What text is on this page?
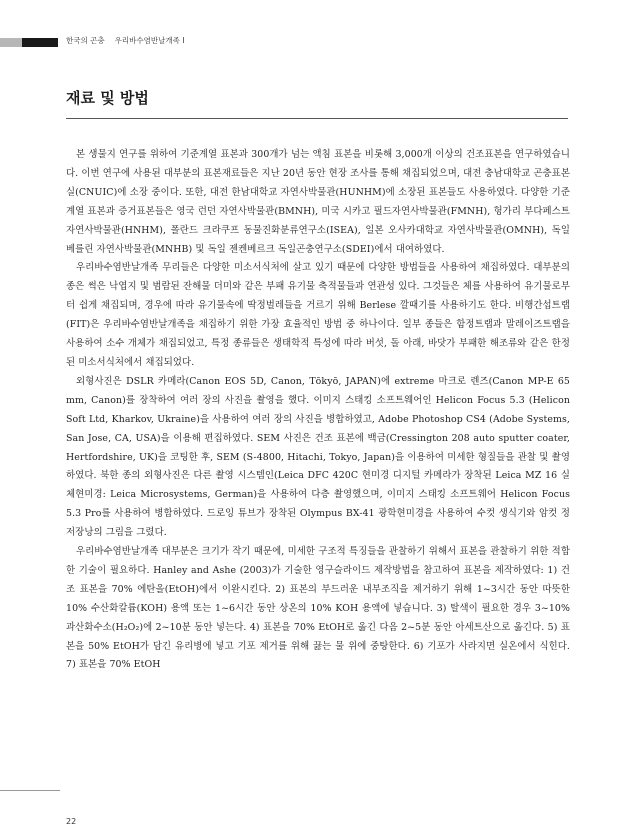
한국의 곤충 우리바수염반날개족 I
재료 및 방법

본 생물지 연구를 위하여 기준계열 표본과 300개가 넘는 액침 표본을 비롯해 3,000개 이상의 건조표본을 연구하였습니다. 이번 연구에 사용된 대부분의 표본재료들은 지난 20년 동안 현장 조사를 통해 채집되었으며, 대전 충남대학교 곤충표본실(CNUIC)에 소장 중이다. 또한, 대전 한남대학교 자연사박물관(HUNHM)에 소장된 표본들도 사용하였다. 다양한 기준계열 표본과 증거표본들은 영국 런던 자연사박물관(BMNH), 미국 시카고 필드자연사박물관(FMNH), 헝가리 부다페스트 자연사박물관(HNHM), 폴란드 크라쿠프 동물진화분류연구소(ISEA), 일본 오사카대학교 자연사박물관(OMNH), 독일 베를린 자연사박물관(MNHB) 및 독일 젠켄베르크 독일곤충연구소(SDEI)에서 대여하였다.

우리바수염반날개족 무리들은 다양한 미소서식처에 살고 있기 때문에 다양한 방법들을 사용하여 채집하였다. 대부분의 종은 썩은 낙엽지 및 범람된 잔해물 더미와 같은 부패 유기물 축적물들과 연관성 있다. 그것들은 체를 사용하여 유기물로부터 쉽게 채집되며, 경우에 따라 유기물속에 딱정벌레들을 거르기 위해 Berlese 깔때기를 사용하기도 한다. 비행간섭트랩(FIT)은 우리바수염반날개족을 채집하기 위한 가장 효율적인 방법 중 하나이다. 일부 종들은 함정트랩과 말레이즈트랩을 사용하여 소수 개체가 채집되었고, 특정 종류들은 생태학적 특성에 따라 버섯, 돌 아래, 바닷가 부패한 해조류와 같은 한정된 미소서식처에서 채집되었다.

외형사진은 DSLR 카메라(Canon EOS 5D, Canon, Tōkyō, JAPAN)에 extreme 마크로 렌즈(Canon MP-E 65 mm, Canon)를 장착하여 여러 장의 사진을 촬영을 했다. 이미지 스태킹 소프트웨어인 Helicon Focus 5.3 (Helicon Soft Ltd, Kharkov, Ukraine)을 사용하여 여러 장의 사진을 병합하였고, Adobe Photoshop CS4 (Adobe Systems, San Jose, CA, USA)을 이용해 편집하였다. SEM 사진은 건조 표본에 백금(Cressington 208 auto sputter coater, Hertfordshire, UK)을 코팅한 후, SEM (S-4800, Hitachi, Tokyo, Japan)을 이용하여 미세한 형질들을 관찰 및 촬영하였다. 북한 종의 외형사진은 다른 촬영 시스템인(Leica DFC 420C 현미경 디지털 카메라가 장착된 Leica MZ 16 실체현미경: Leica Microsystems, German)을 사용하여 다층 촬영했으며, 이미지 스태킹 소프트웨어 Helicon Focus 5.3 Pro를 사용하여 병합하였다. 드로잉 튜브가 장착된 Olympus BX-41 광학현미경을 사용하여 수컷 생식기와 암컷 정저장낭의 그림을 그렸다.

우리바수염반날개족 대부분은 크기가 작기 때문에, 미세한 구조적 특징들을 관찰하기 위해서 표본을 관찰하기 위한 적합한 기술이 필요하다. Hanley and Ashe (2003)가 기술한 영구슬라이드 제작방법을 참고하여 표본을 제작하였다: 1) 건조 표본을 70% 에탄올(EtOH)에서 이완시킨다. 2) 표본의 부드러운 내부조직을 제거하기 위해 1~3시간 동안 따뜻한 10% 수산화칼륨(KOH) 용액 또는 1~6시간 동안 상온의 10% KOH 용액에 넣습니다. 3) 탈색이 필요한 경우 3~10% 과산화수소(H₂O₂)에 2~10분 동안 넣는다. 4) 표본을 70% EtOH로 옮긴 다음 2~5분 동안 아세트산으로 옮긴다. 5) 표본을 50% EtOH가 담긴 유리병에 넣고 기포 제거를 위해 끓는 물 위에 중탕한다. 6) 기포가 사라지면 실온에서 식힌다. 7) 표본을 70% EtOH

22
